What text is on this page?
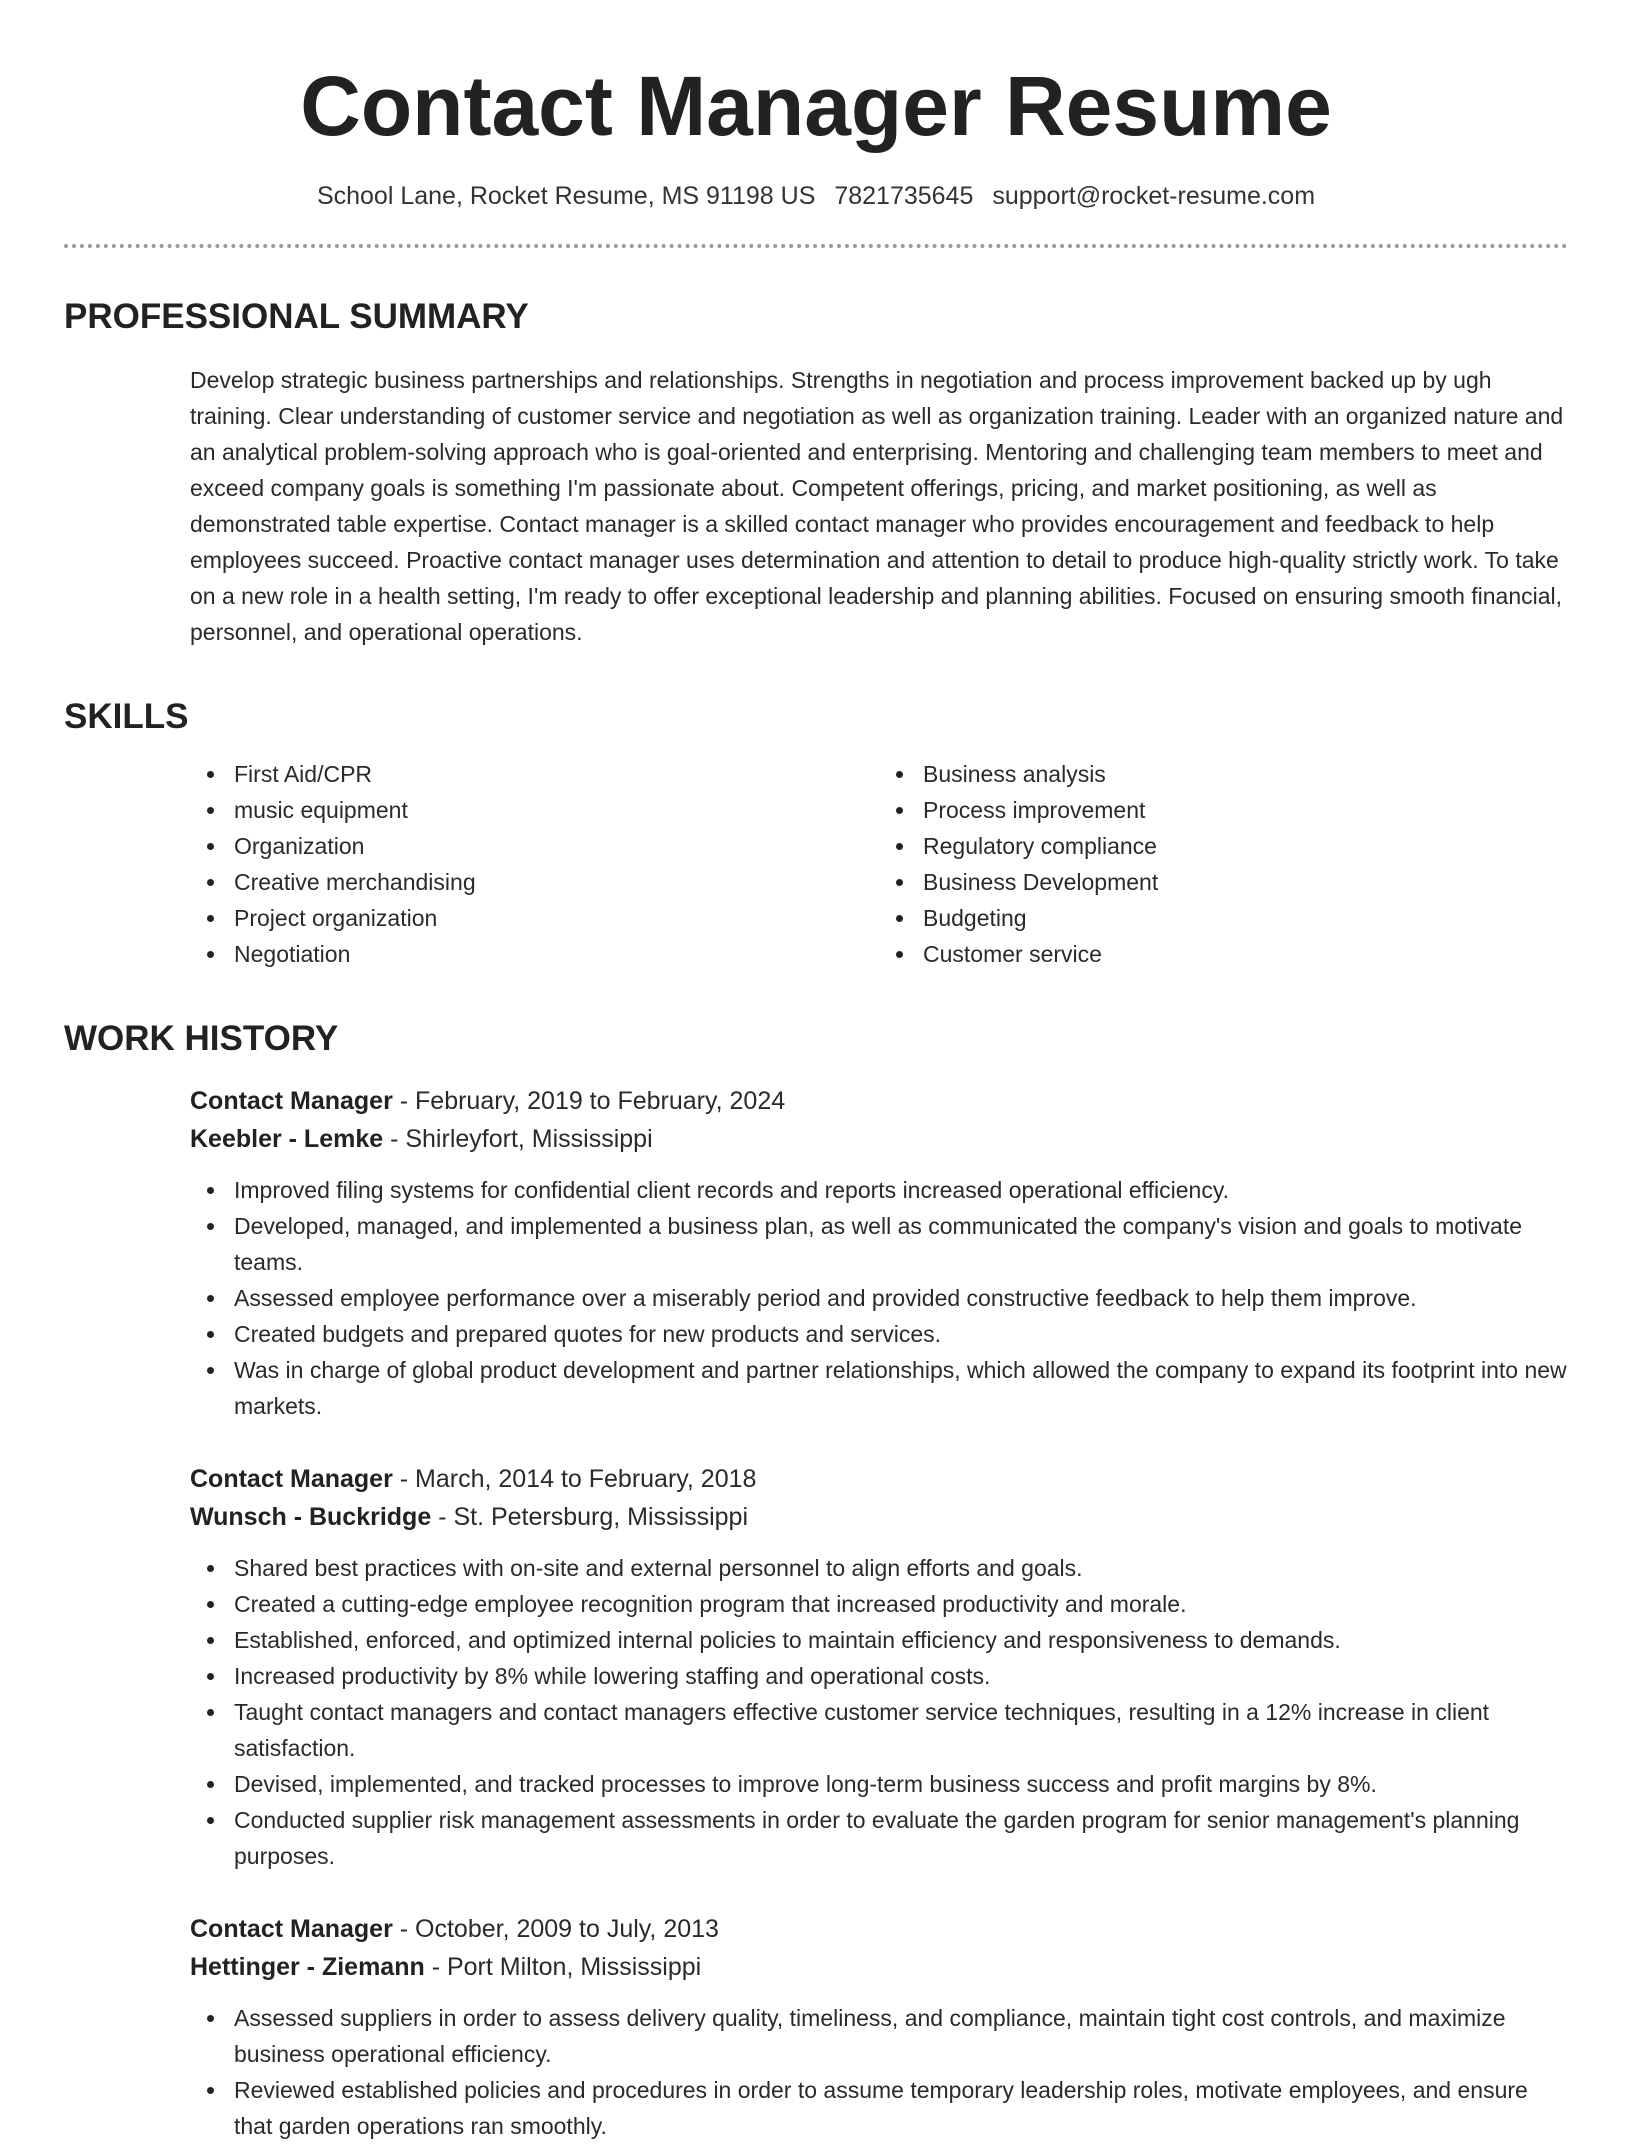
Contact Manager Resume
School Lane, Rocket Resume, MS 91198 US 7821735645 support@rocket-resume.com
PROFESSIONAL SUMMARY
Develop strategic business partnerships and relationships. Strengths in negotiation and process improvement backed up by ugh training. Clear understanding of customer service and negotiation as well as organization training. Leader with an organized nature and an analytical problem-solving approach who is goal-oriented and enterprising. Mentoring and challenging team members to meet and exceed company goals is something I'm passionate about. Competent offerings, pricing, and market positioning, as well as demonstrated table expertise. Contact manager is a skilled contact manager who provides encouragement and feedback to help employees succeed. Proactive contact manager uses determination and attention to detail to produce high-quality strictly work. To take on a new role in a health setting, I'm ready to offer exceptional leadership and planning abilities. Focused on ensuring smooth financial, personnel, and operational operations.
SKILLS
First Aid/CPR
music equipment
Organization
Creative merchandising
Project organization
Negotiation
Business analysis
Process improvement
Regulatory compliance
Business Development
Budgeting
Customer service
WORK HISTORY
Contact Manager - February, 2019 to February, 2024
Keebler - Lemke - Shirleyfort, Mississippi
Improved filing systems for confidential client records and reports increased operational efficiency.
Developed, managed, and implemented a business plan, as well as communicated the company's vision and goals to motivate teams.
Assessed employee performance over a miserably period and provided constructive feedback to help them improve.
Created budgets and prepared quotes for new products and services.
Was in charge of global product development and partner relationships, which allowed the company to expand its footprint into new markets.
Contact Manager - March, 2014 to February, 2018
Wunsch - Buckridge - St. Petersburg, Mississippi
Shared best practices with on-site and external personnel to align efforts and goals.
Created a cutting-edge employee recognition program that increased productivity and morale.
Established, enforced, and optimized internal policies to maintain efficiency and responsiveness to demands.
Increased productivity by 8% while lowering staffing and operational costs.
Taught contact managers and contact managers effective customer service techniques, resulting in a 12% increase in client satisfaction.
Devised, implemented, and tracked processes to improve long-term business success and profit margins by 8%.
Conducted supplier risk management assessments in order to evaluate the garden program for senior management's planning purposes.
Contact Manager - October, 2009 to July, 2013
Hettinger - Ziemann - Port Milton, Mississippi
Assessed suppliers in order to assess delivery quality, timeliness, and compliance, maintain tight cost controls, and maximize business operational efficiency.
Reviewed established policies and procedures in order to assume temporary leadership roles, motivate employees, and ensure that garden operations ran smoothly.
